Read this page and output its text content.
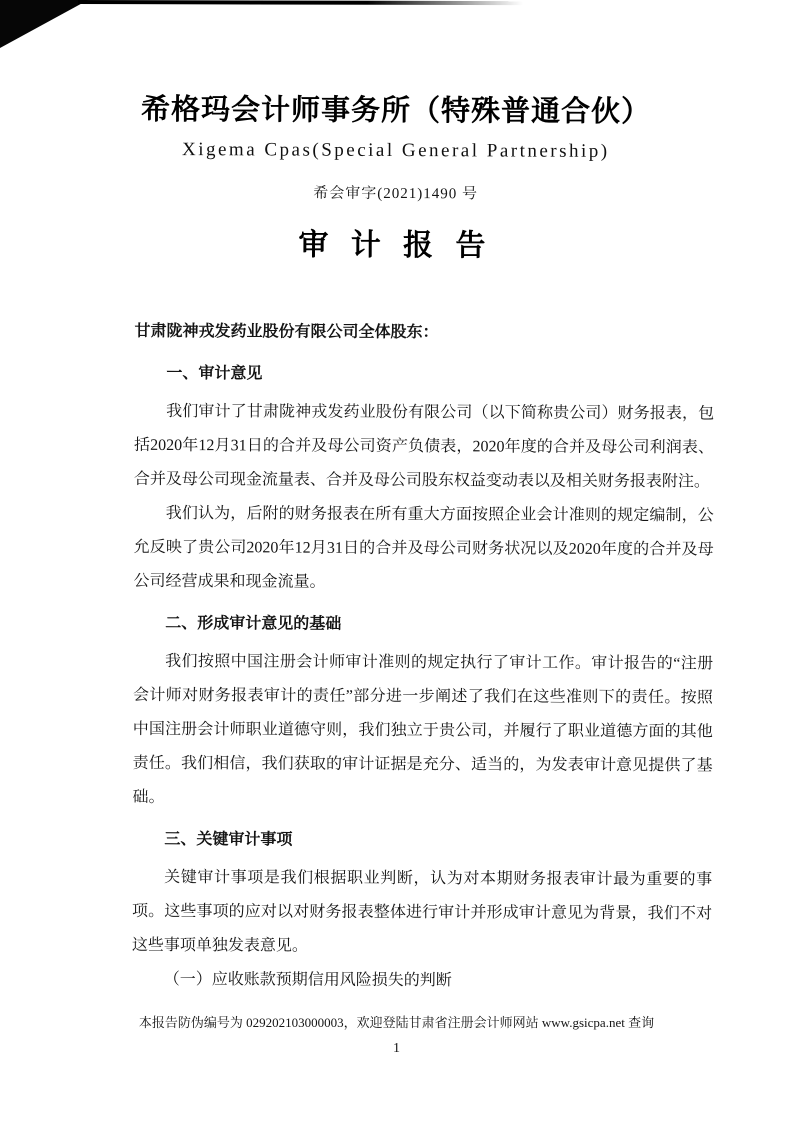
希格玛会计师事务所（特殊普通合伙）
Xigema Cpas(Special General Partnership)
希会审字(2021)1490 号
审 计 报 告

甘肃陇神戎发药业股份有限公司全体股东：

一、审计意见

我们审计了甘肃陇神戎发药业股份有限公司（以下简称贵公司）财务报表，包括2020年12月31日的合并及母公司资产负债表，2020年度的合并及母公司利润表、合并及母公司现金流量表、合并及母公司股东权益变动表以及相关财务报表附注。

我们认为，后附的财务报表在所有重大方面按照企业会计准则的规定编制，公允反映了贵公司2020年12月31日的合并及母公司财务状况以及2020年度的合并及母公司经营成果和现金流量。

二、形成审计意见的基础

我们按照中国注册会计师审计准则的规定执行了审计工作。审计报告的“注册会计师对财务报表审计的责任”部分进一步阐述了我们在这些准则下的责任。按照中国注册会计师职业道德守则，我们独立于贵公司，并履行了职业道德方面的其他责任。我们相信，我们获取的审计证据是充分、适当的，为发表审计意见提供了基础。

三、关键审计事项

关键审计事项是我们根据职业判断，认为对本期财务报表审计最为重要的事项。这些事项的应对以对财务报表整体进行审计并形成审计意见为背景，我们不对这些事项单独发表意见。

（一）应收账款预期信用风险损失的判断

本报告防伪编号为 029202103000003，欢迎登陆甘肃省注册会计师网站 www.gsicpa.net 查询
1
